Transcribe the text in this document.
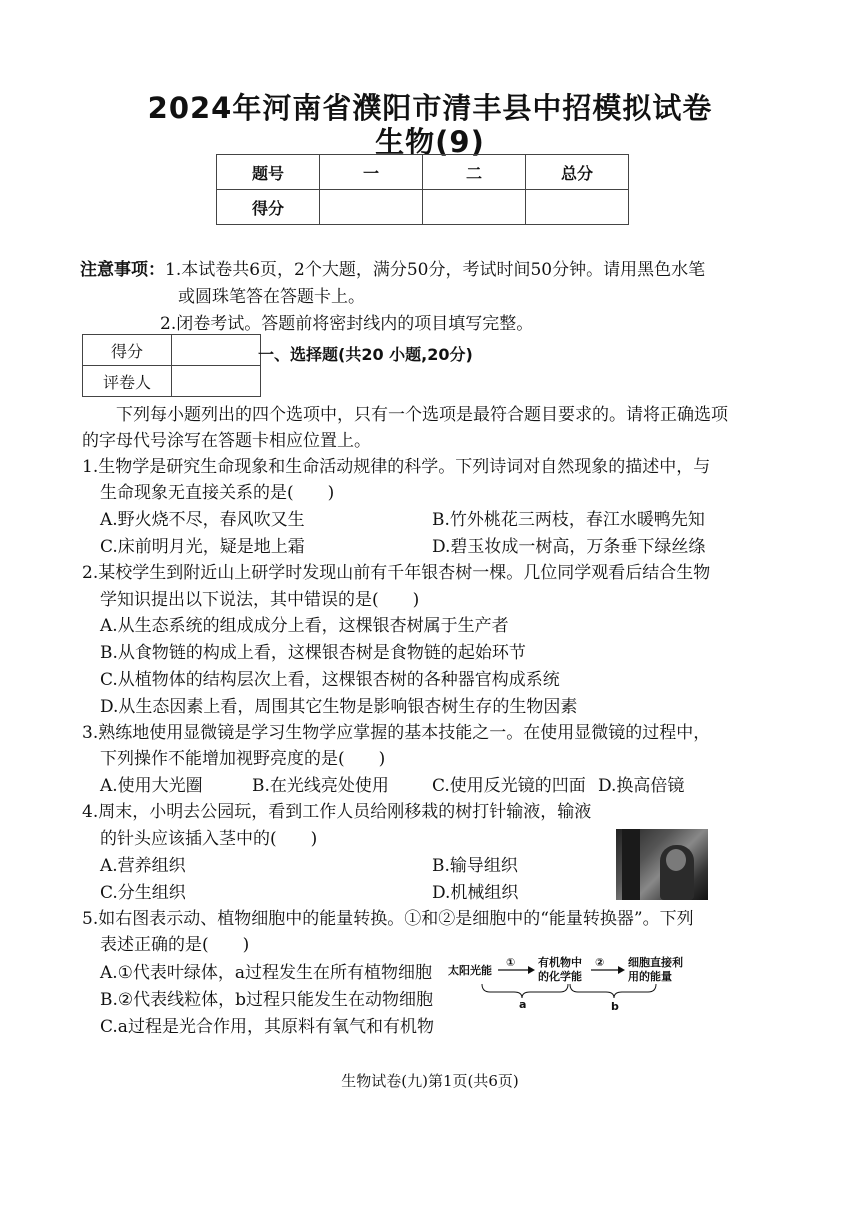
2024年河南省濮阳市清丰县中招模拟试卷
生物(9)
题号	一	二	总分
得分			
注意事项：1.本试卷共6页，2个大题，满分50分，考试时间50分钟。请用黑色水笔
或圆珠笔答在答题卡上。
2.闭卷考试。答题前将密封线内的项目填写完整。
得分	
评卷人	
一、选择题(共20 小题,20分)
下列每小题列出的四个选项中，只有一个选项是最符合题目要求的。请将正确选项
的字母代号涂写在答题卡相应位置上。
1.生物学是研究生命现象和生命活动规律的科学。下列诗词对自然现象的描述中，与
生命现象无直接关系的是(　　)
A.野火烧不尽，春风吹又生	B.竹外桃花三两枝，春江水暖鸭先知
C.床前明月光，疑是地上霜	D.碧玉妆成一树高，万条垂下绿丝绦
2.某校学生到附近山上研学时发现山前有千年银杏树一棵。几位同学观看后结合生物
学知识提出以下说法，其中错误的是(　　)
A.从生态系统的组成成分上看，这棵银杏树属于生产者
B.从食物链的构成上看，这棵银杏树是食物链的起始环节
C.从植物体的结构层次上看，这棵银杏树的各种器官构成系统
D.从生态因素上看，周围其它生物是影响银杏树生存的生物因素
3.熟练地使用显微镜是学习生物学应掌握的基本技能之一。在使用显微镜的过程中，
下列操作不能增加视野亮度的是(　　)
A.使用大光圈	B.在光线亮处使用	C.使用反光镜的凹面 D.换高倍镜
4.周末，小明去公园玩，看到工作人员给刚移栽的树打针输液，输液
的针头应该插入茎中的(　　)
A.营养组织	B.输导组织
C.分生组织	D.机械组织
5.如右图表示动、植物细胞中的能量转换。①和②是细胞中的“能量转换器”。下列
表述正确的是(　　)
A.①代表叶绿体，a过程发生在所有植物细胞
B.②代表线粒体，b过程只能发生在动物细胞
C.a过程是光合作用，其原料有氧气和有机物
太阳光能
① 有机物中
的化学能
② 细胞直接利
用的能量
a	b
生物试卷(九)第1页(共6页)
